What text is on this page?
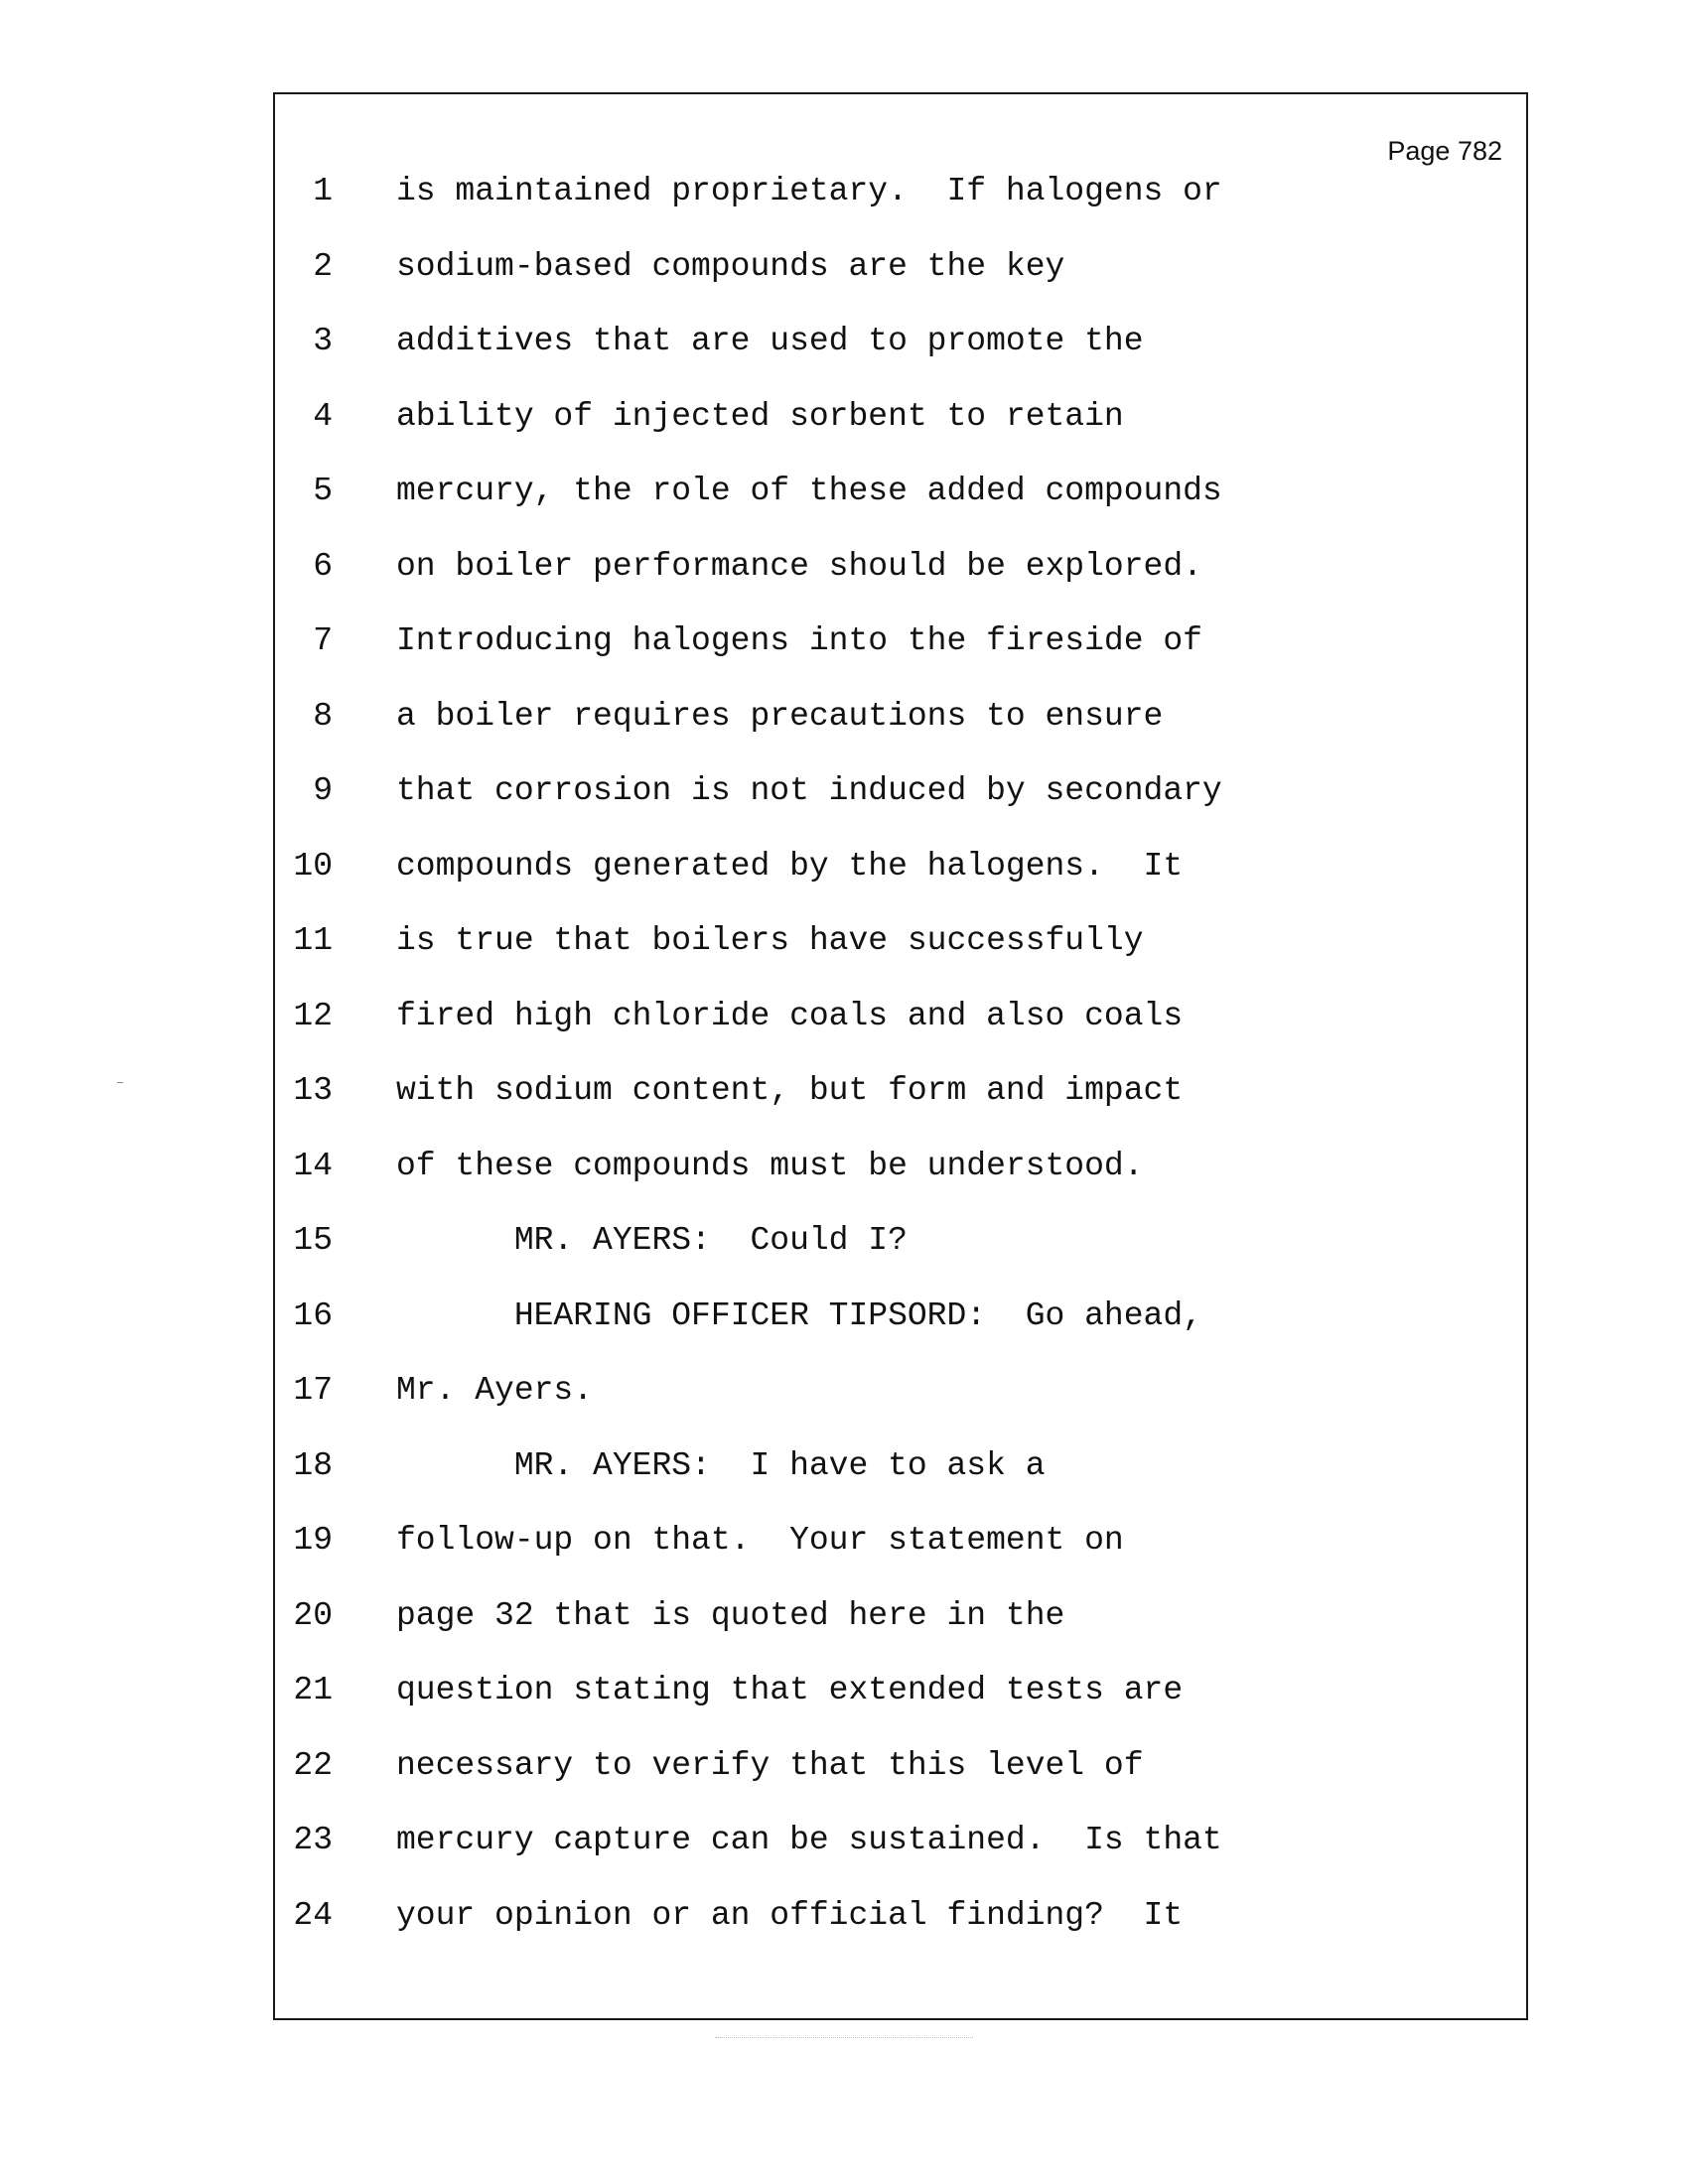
Page 782
1 is maintained proprietary.  If halogens or
2 sodium-based compounds are the key
3 additives that are used to promote the
4 ability of injected sorbent to retain
5 mercury, the role of these added compounds
6 on boiler performance should be explored.
7 Introducing halogens into the fireside of
8 a boiler requires precautions to ensure
9 that corrosion is not induced by secondary
10 compounds generated by the halogens.  It
11 is true that boilers have successfully
12 fired high chloride coals and also coals
13 with sodium content, but form and impact
14 of these compounds must be understood.
15 MR. AYERS:  Could I?
16 HEARING OFFICER TIPSORD:  Go ahead,
17 Mr. Ayers.
18 MR. AYERS:  I have to ask a
19 follow-up on that.  Your statement on
20 page 32 that is quoted here in the
21 question stating that extended tests are
22 necessary to verify that this level of
23 mercury capture can be sustained.  Is that
24 your opinion or an official finding?  It
